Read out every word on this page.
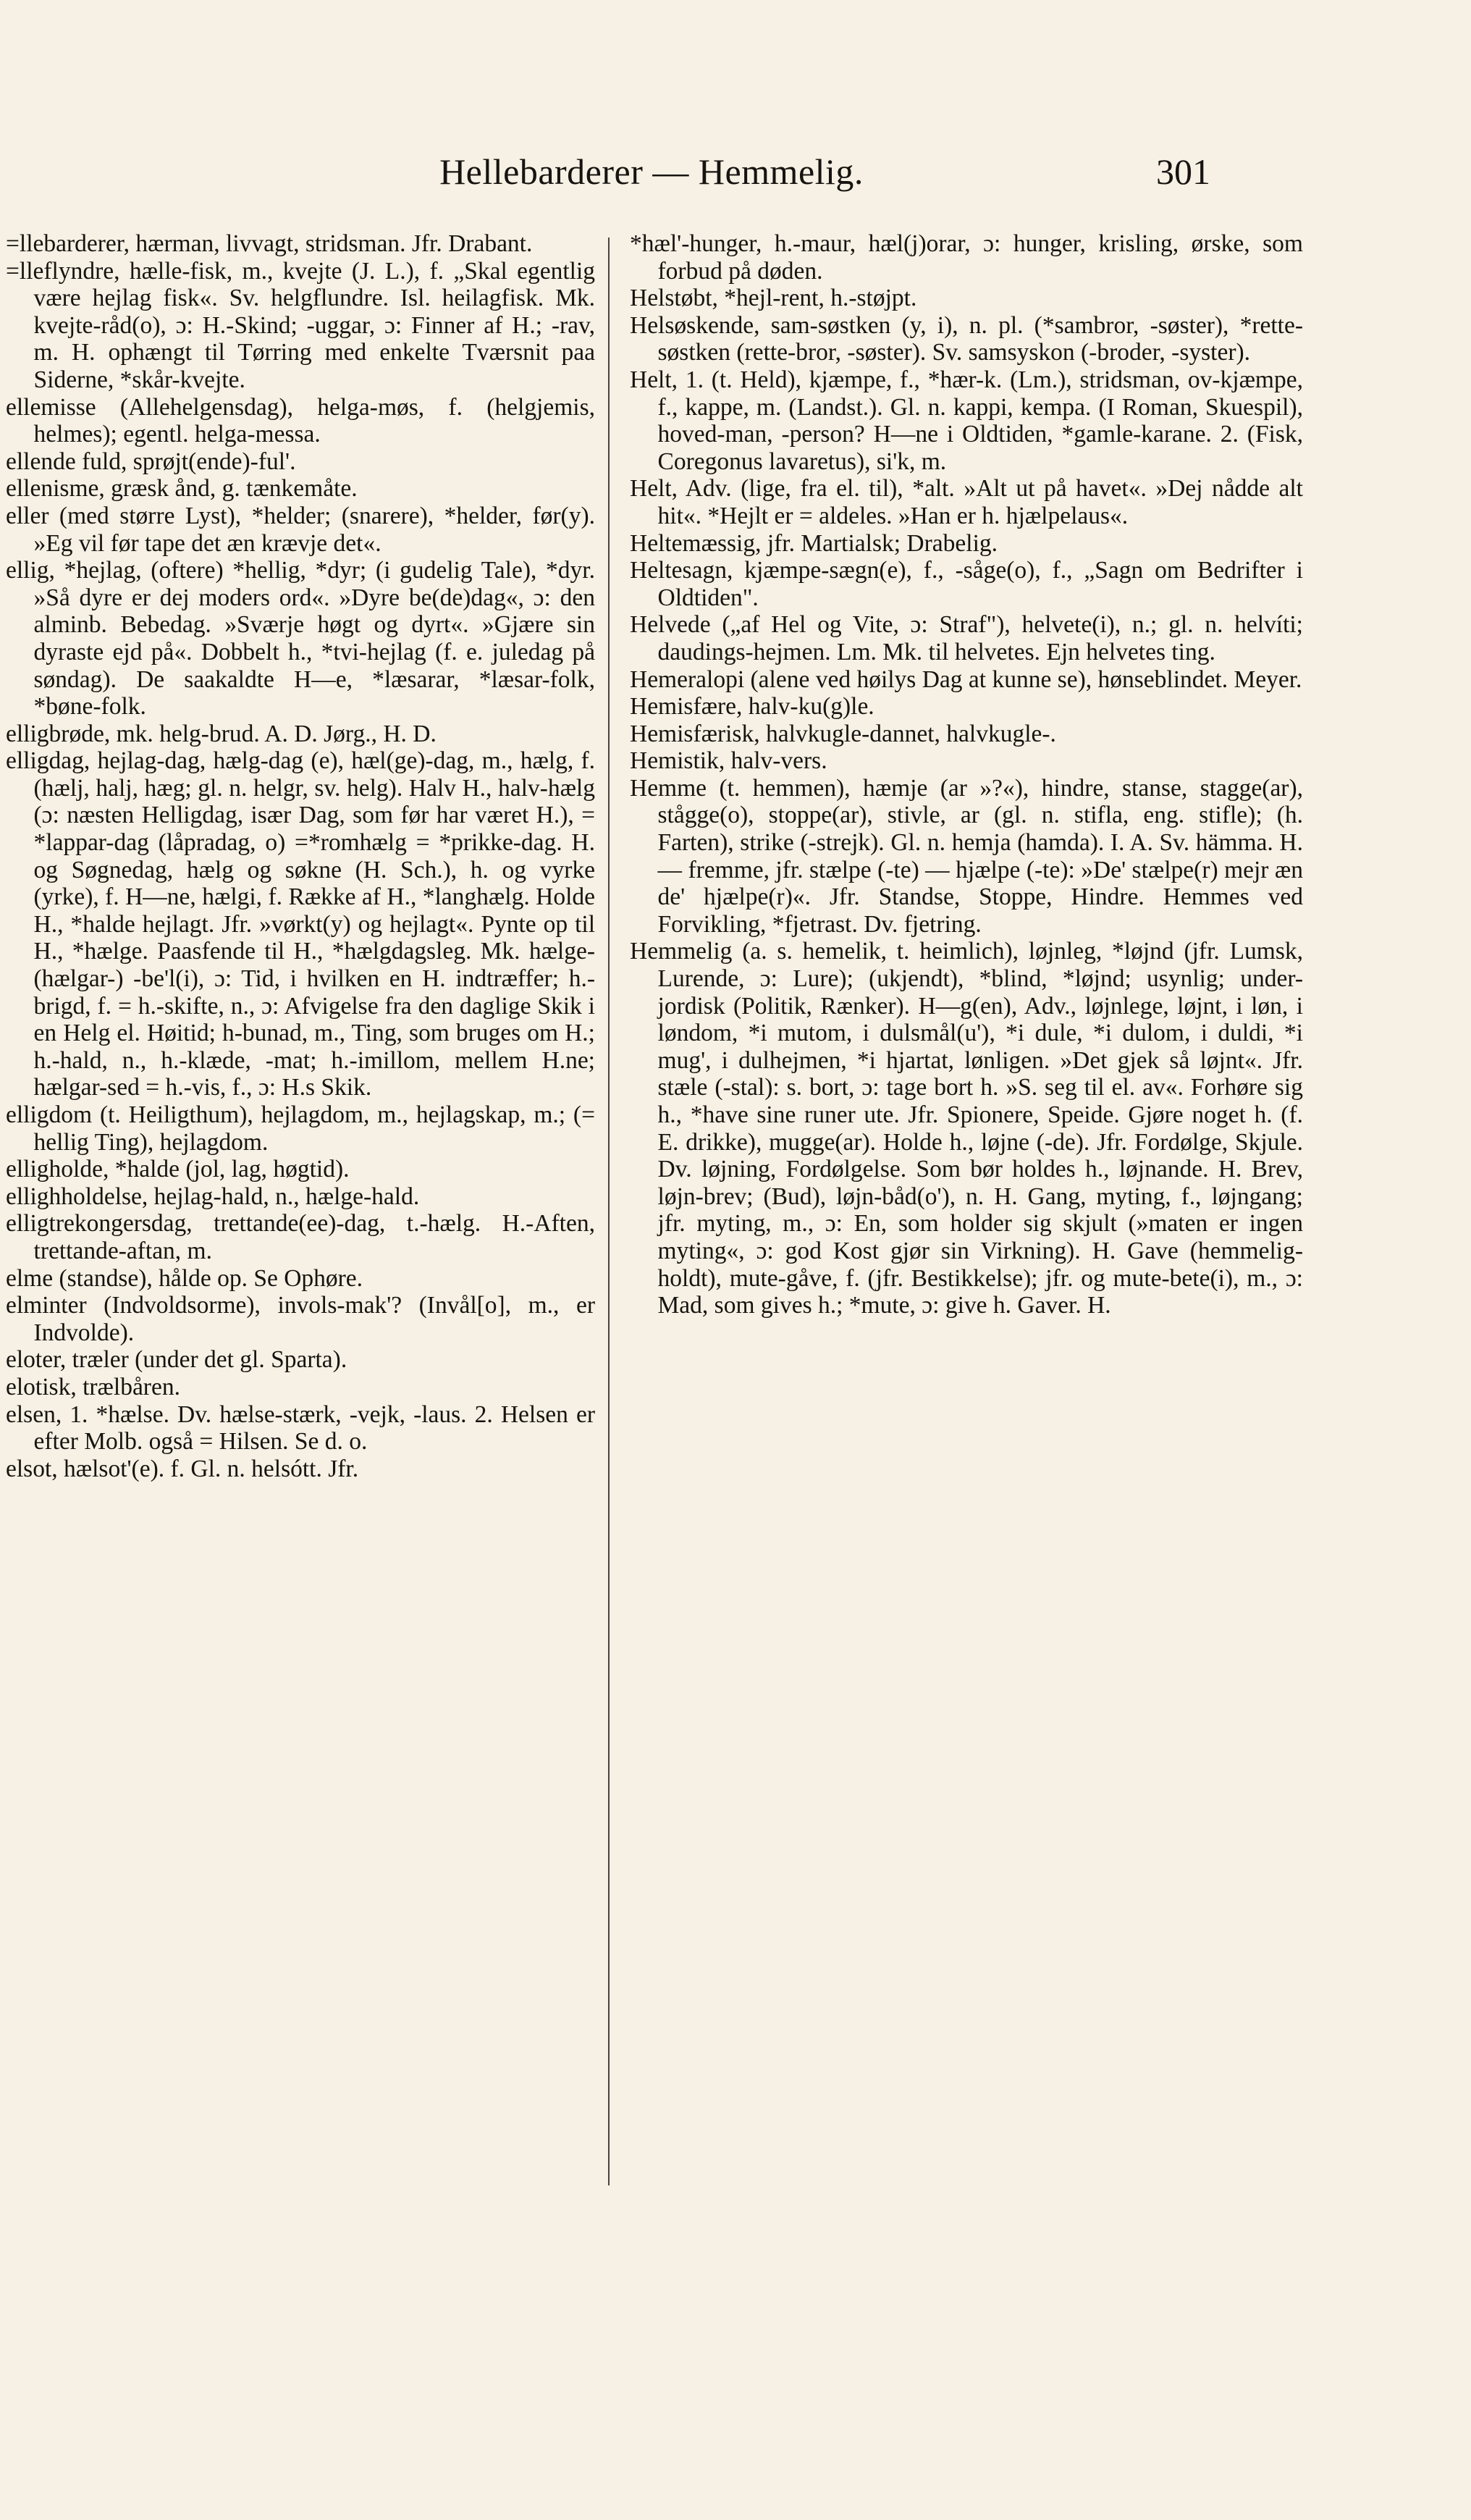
Hellebarderer — Hemmelig.	301

=llebarderer, hærman, livvagt, stridsman. Jfr. Drabant.

=lleflyndre, hælle-fisk, m., kvejte (J. L.), f. „Skal egentlig være hejlag fisk«. Sv. helgflundre. Isl. heilagfisk. Mk. kvejte-råd(o), ɔ: H.-Skind; -uggar, ɔ: Finner af H.; -rav, m. H. ophængt til Tørring med enkelte Tværsnit paa Siderne, *skår-kvejte.

ellemisse (Allehelgensdag), helga-møs, f. (helgjemis, helmes); egentl. helga-messa.

ellende fuld, sprøjt(ende)-ful'.

ellenisme, græsk ånd, g. tænkemåte.

eller (med større Lyst), *helder; (snarere), *helder, før(y). »Eg vil før tape det æn krævje det«.

ellig, *hejlag, (oftere) *hellig, *dyr; (i gudelig Tale), *dyr. »Så dyre er dej moders ord«. »Dyre be(de)dag«, ɔ: den alminb. Bebedag. »Sværje høgt og dyrt«. »Gjære sin dyraste ejd på«. Dobbelt h., *tvi-hejlag (f. e. juledag på søndag). De saakaldte H—e, *læsarar, *læsar-folk, *bøne-folk.

elligbrøde, mk. helg-brud. A. D. Jørg., H. D.

elligdag, hejlag-dag, hælg-dag (e), hæl(ge)-dag, m., hælg, f. (hælj, halj, hæg; gl. n. helgr, sv. helg). Halv H., halv-hælg (ɔ: næsten Helligdag, især Dag, som før har været H.), = *lappar-dag (låpradag, o) =*romhælg = *prikke-dag. H. og Søgnedag, hælg og søkne (H. Sch.), h. og vyrke (yrke), f. H—ne, hælgi, f. Række af H., *langhælg. Holde H., *halde hejlagt. Jfr. »vørkt(y) og hejlagt«. Pynte op til H., *hælge. Paasfende til H., *hælgdagsleg. Mk. hælge- (hælgar-) -be'l(i), ɔ: Tid, i hvilken en H. indtræffer; h.-brigd, f. = h.-skifte, n., ɔ: Afvigelse fra den daglige Skik i en Helg el. Høitid; h-bunad, m., Ting, som bruges om H.; h.-hald, n., h.-klæde, -mat; h.-imillom, mellem H.ne; hælgar-sed = h.-vis, f., ɔ: H.s Skik.

elligdom (t. Heiligthum), hejlagdom, m., hejlagskap, m.; (= hellig Ting), hejlagdom.

elligholde, *halde (jol, lag, høgtid).

ellighholdelse, hejlag-hald, n., hælge-hald.

elligtrekongersdag, trettande(ee)-dag, t.-hælg. H.-Aften, trettande-aftan, m.

elme (standse), hålde op. Se Ophøre.

elminter (Indvoldsorme), invols-mak'? (Invål[o], m., er Indvolde).

eloter, træler (under det gl. Sparta).

elotisk, trælbåren.

elsen, 1. *hælse. Dv. hælse-stærk, -vejk, -laus. 2. Helsen er efter Molb. også = Hilsen. Se d. o.

elsot, hælsot'(e). f. Gl. n. helsótt. Jfr.

*hæl'-hunger, h.-maur, hæl(j)orar, ɔ: hunger, krisling, ørske, som forbud på døden.

Helstøbt, *hejl-rent, h.-støjpt.

Helsøskende, sam-søstken (y, i), n. pl. (*sambror, -søster), *rette-søstken (rette-bror, -søster). Sv. samsyskon (-broder, -syster).

Helt, 1. (t. Held), kjæmpe, f., *hær-k. (Lm.), stridsman, ov-kjæmpe, f., kappe, m. (Landst.). Gl. n. kappi, kempa. (I Roman, Skuespil), hoved-man, -person? H—ne i Oldtiden, *gamle-karane. 2. (Fisk, Coregonus lavaretus), si'k, m.

Helt, Adv. (lige, fra el. til), *alt. »Alt ut på havet«. »Dej nådde alt hit«. *Hejlt er = aldeles. »Han er h. hjælpelaus«.

Heltemæssig, jfr. Martialsk; Drabelig.

Heltesagn, kjæmpe-sægn(e), f., -såge(o), f., „Sagn om Bedrifter i Oldtiden".

Helvede („af Hel og Vite, ɔ: Straf"), helvete(i), n.; gl. n. helvíti; daudings-hejmen. Lm. Mk. til helvetes. Ejn helvetes ting.

Hemeralopi (alene ved høilys Dag at kunne se), hønseblindet. Meyer.

Hemisfære, halv-ku(g)le.

Hemisfærisk, halvkugle-dannet, halvkugle-.

Hemistik, halv-vers.

Hemme (t. hemmen), hæmje (ar »?«), hindre, stanse, stagge(ar), stågge(o), stoppe(ar), stivle, ar (gl. n. stifla, eng. stifle); (h. Farten), strike (-strejk). Gl. n. hemja (hamda). I. A. Sv. hämma. H. — fremme, jfr. stælpe (-te) — hjælpe (-te): »De' stælpe(r) mejr æn de' hjælpe(r)«. Jfr. Standse, Stoppe, Hindre. Hemmes ved Forvikling, *fjetrast. Dv. fjetring.

Hemmelig (a. s. hemelik, t. heimlich), løjnleg, *løjnd (jfr. Lumsk, Lurende, ɔ: Lure); (ukjendt), *blind, *løjnd; usynlig; under-jordisk (Politik, Rænker). H—g(en), Adv., løjnlege, løjnt, i løn, i løndom, *i mutom, i dulsmål(u'), *i dule, *i dulom, i duldi, *i mug', i dulhejmen, *i hjartat, lønligen. »Det gjek så løjnt«. Jfr. stæle (-stal): s. bort, ɔ: tage bort h. »S. seg til el. av«. Forhøre sig h., *have sine runer ute. Jfr. Spionere, Speide. Gjøre noget h. (f. E. drikke), mugge(ar). Holde h., løjne (-de). Jfr. Fordølge, Skjule. Dv. løjning, Fordølgelse. Som bør holdes h., løjnande. H. Brev, løjn-brev; (Bud), løjn-båd(o'), n. H. Gang, myting, f., løjngang; jfr. myting, m., ɔ: En, som holder sig skjult (»maten er ingen myting«, ɔ: god Kost gjør sin Virkning). H. Gave (hemmelig-holdt), mute-gåve, f. (jfr. Bestikkelse); jfr. og mute-bete(i), m., ɔ: Mad, som gives h.; *mute, ɔ: give h. Gaver. H.
